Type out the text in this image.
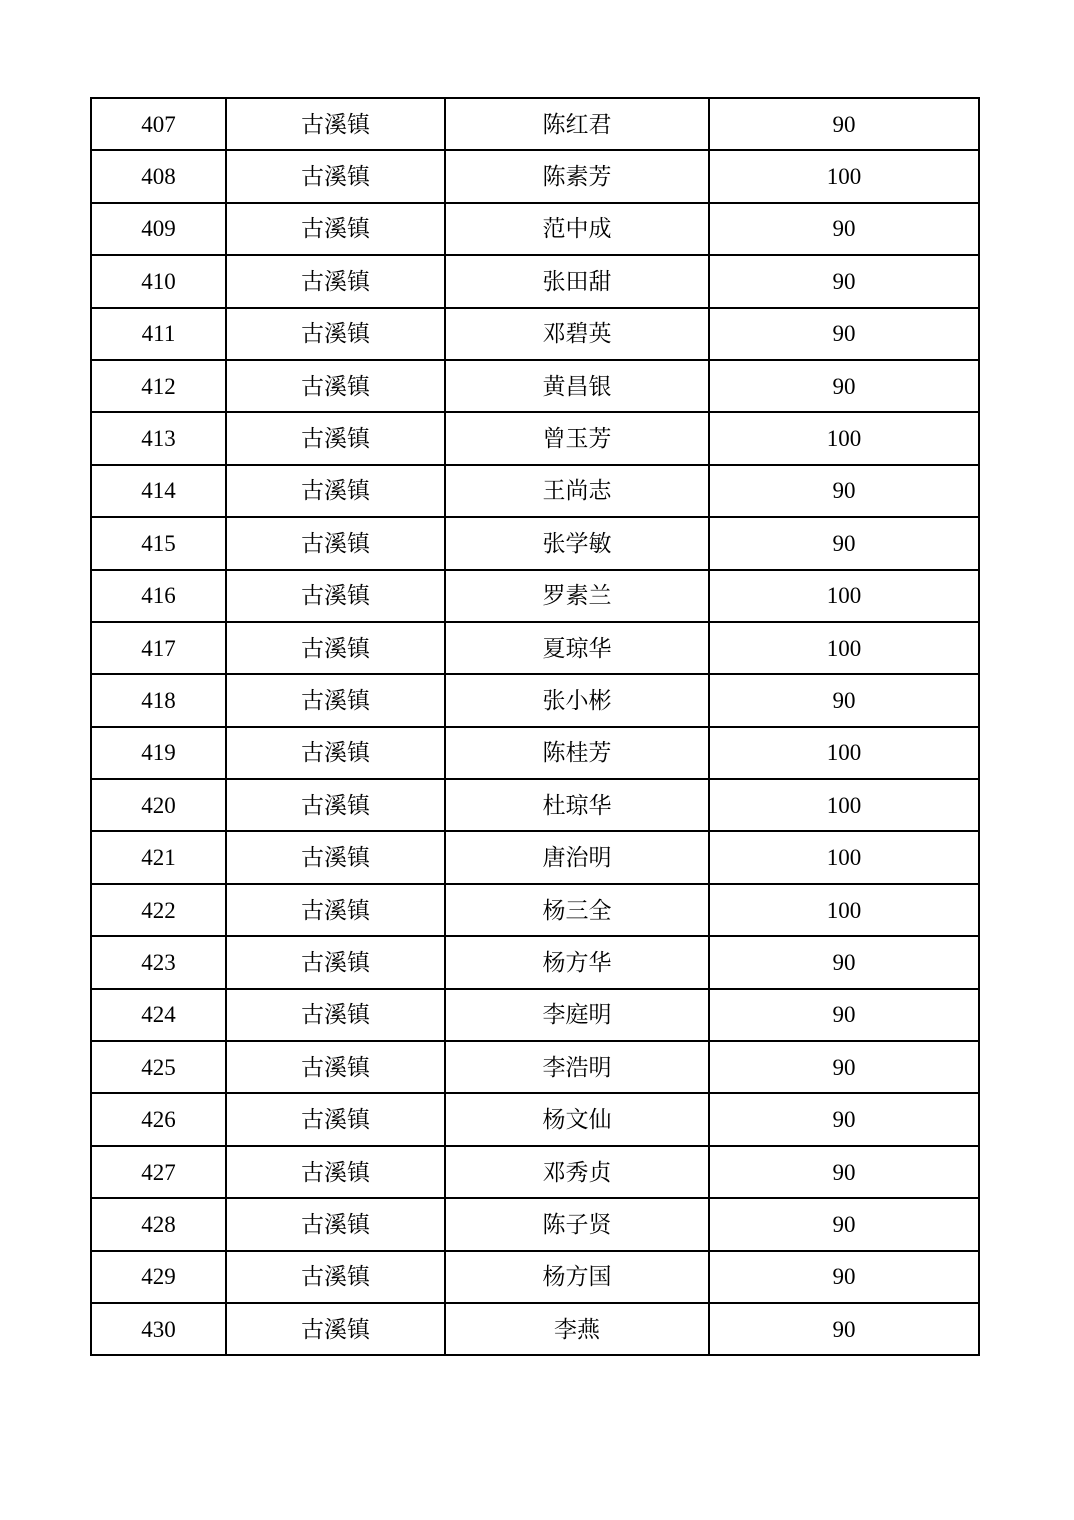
407	古溪镇	陈红君	90
408	古溪镇	陈素芳	100
409	古溪镇	范中成	90
410	古溪镇	张田甜	90
411	古溪镇	邓碧英	90
412	古溪镇	黄昌银	90
413	古溪镇	曾玉芳	100
414	古溪镇	王尚志	90
415	古溪镇	张学敏	90
416	古溪镇	罗素兰	100
417	古溪镇	夏琼华	100
418	古溪镇	张小彬	90
419	古溪镇	陈桂芳	100
420	古溪镇	杜琼华	100
421	古溪镇	唐治明	100
422	古溪镇	杨三全	100
423	古溪镇	杨方华	90
424	古溪镇	李庭明	90
425	古溪镇	李浩明	90
426	古溪镇	杨文仙	90
427	古溪镇	邓秀贞	90
428	古溪镇	陈子贤	90
429	古溪镇	杨方国	90
430	古溪镇	李燕	90
